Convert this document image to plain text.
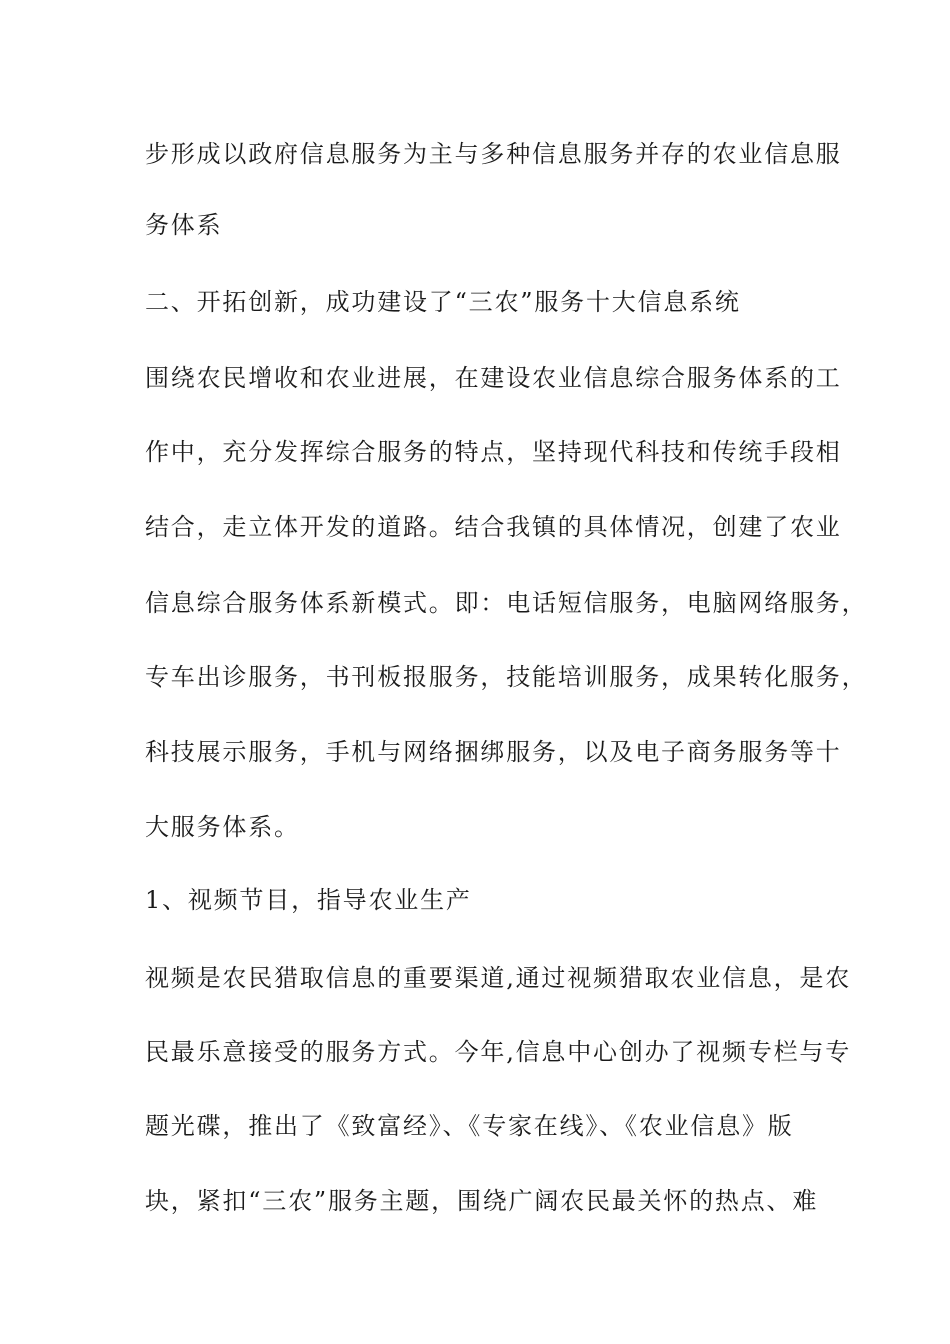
步形成以政府信息服务为主与多种信息服务并存的农业信息服
务体系
二、开拓创新，成功建设了“三农”服务十大信息系统
围绕农民增收和农业进展，在建设农业信息综合服务体系的工
作中，充分发挥综合服务的特点，坚持现代科技和传统手段相
结合，走立体开发的道路。结合我镇的具体情况，创建了农业
信息综合服务体系新模式。即：电话短信服务，电脑网络服务，
专车出诊服务，书刊板报服务，技能培训服务，成果转化服务，
科技展示服务，手机与网络捆绑服务，以及电子商务服务等十
大服务体系。
1、视频节目，指导农业生产
视频是农民猎取信息的重要渠道,通过视频猎取农业信息，是农
民最乐意接受的服务方式。今年,信息中心创办了视频专栏与专
题光碟，推出了《致富经》、《专家在线》、《农业信息》版
块，紧扣“三农”服务主题，围绕广阔农民最关怀的热点、难
